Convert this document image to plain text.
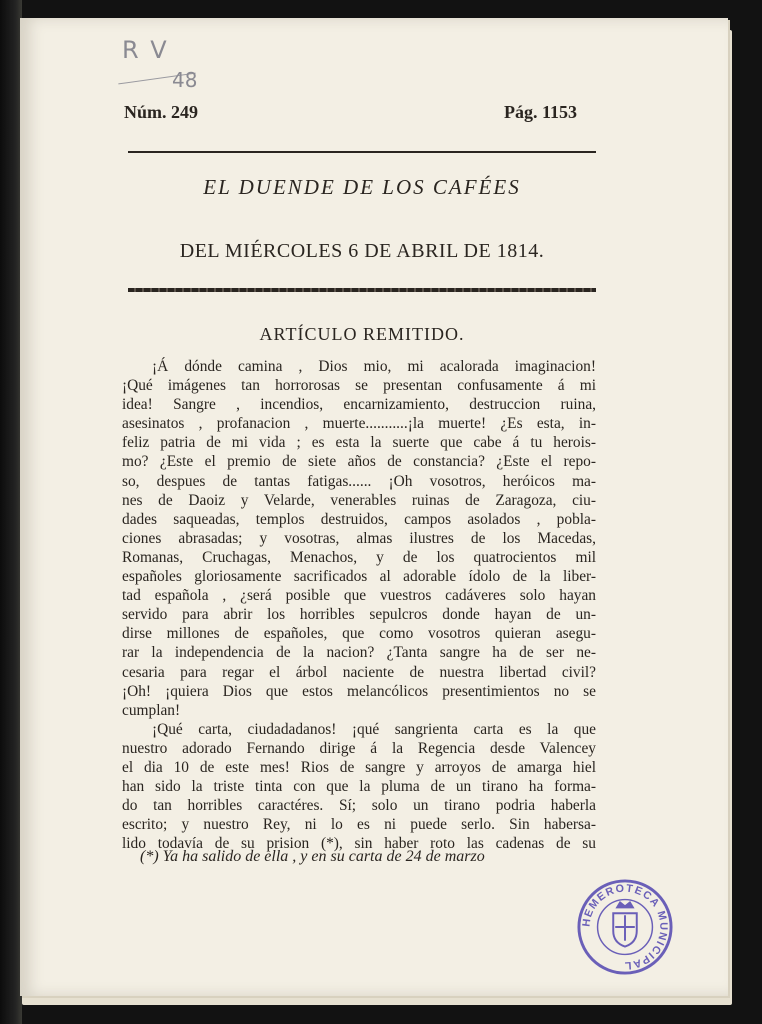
R V
48
Núm. 249	Pág. 1153
EL DUENDE DE LOS CAFÉES
DEL MIÉRCOLES 6 DE ABRIL DE 1814.
ARTÍCULO REMITIDO.
¡Á dónde camina , Dios mio, mi acalorada imaginacion!
¡Qué imágenes tan horrorosas se presentan confusamente á mi
idea! Sangre , incendios, encarnizamiento, destruccion ruina,
asesinatos , profanacion , muerte...........¡la muerte! ¿Es esta, in-
feliz patria de mi vida ; es esta la suerte que cabe á tu herois-
mo? ¿Este el premio de siete años de constancia? ¿Este el repo-
so, despues de tantas fatigas...... ¡Oh vosotros, heróicos ma-
nes de Daoiz y Velarde, venerables ruinas de Zaragoza, ciu-
dades saqueadas, templos destruidos, campos asolados , pobla-
ciones abrasadas; y vosotras, almas ilustres de los Macedas,
Romanas, Cruchagas, Menachos, y de los quatrocientos mil
españoles gloriosamente sacrificados al adorable ídolo de la liber-
tad española , ¿será posible que vuestros cadáveres solo hayan
servido para abrir los horribles sepulcros donde hayan de un-
dirse millones de españoles, que como vosotros quieran asegu-
rar la independencia de la nacion? ¿Tanta sangre ha de ser ne-
cesaria para regar el árbol naciente de nuestra libertad civil?
¡Oh! ¡quiera Dios que estos melancólicos presentimientos no se
cumplan!
¡Qué carta, ciudadadanos! ¡qué sangrienta carta es la que
nuestro adorado Fernando dirige á la Regencia desde Valencey
el dia 10 de este mes! Rios de sangre y arroyos de amarga hiel
han sido la triste tinta con que la pluma de un tirano ha forma-
do tan horribles caractéres. Sí; solo un tirano podria haberla
escrito; y nuestro Rey, ni lo es ni puede serlo. Sin habersa-
lido todavía de su prision (*), sin haber roto las cadenas de su
(*) Ya ha salido de ella , y en su carta de 24 de marzo
HEMEROTECA MUNICIPAL
